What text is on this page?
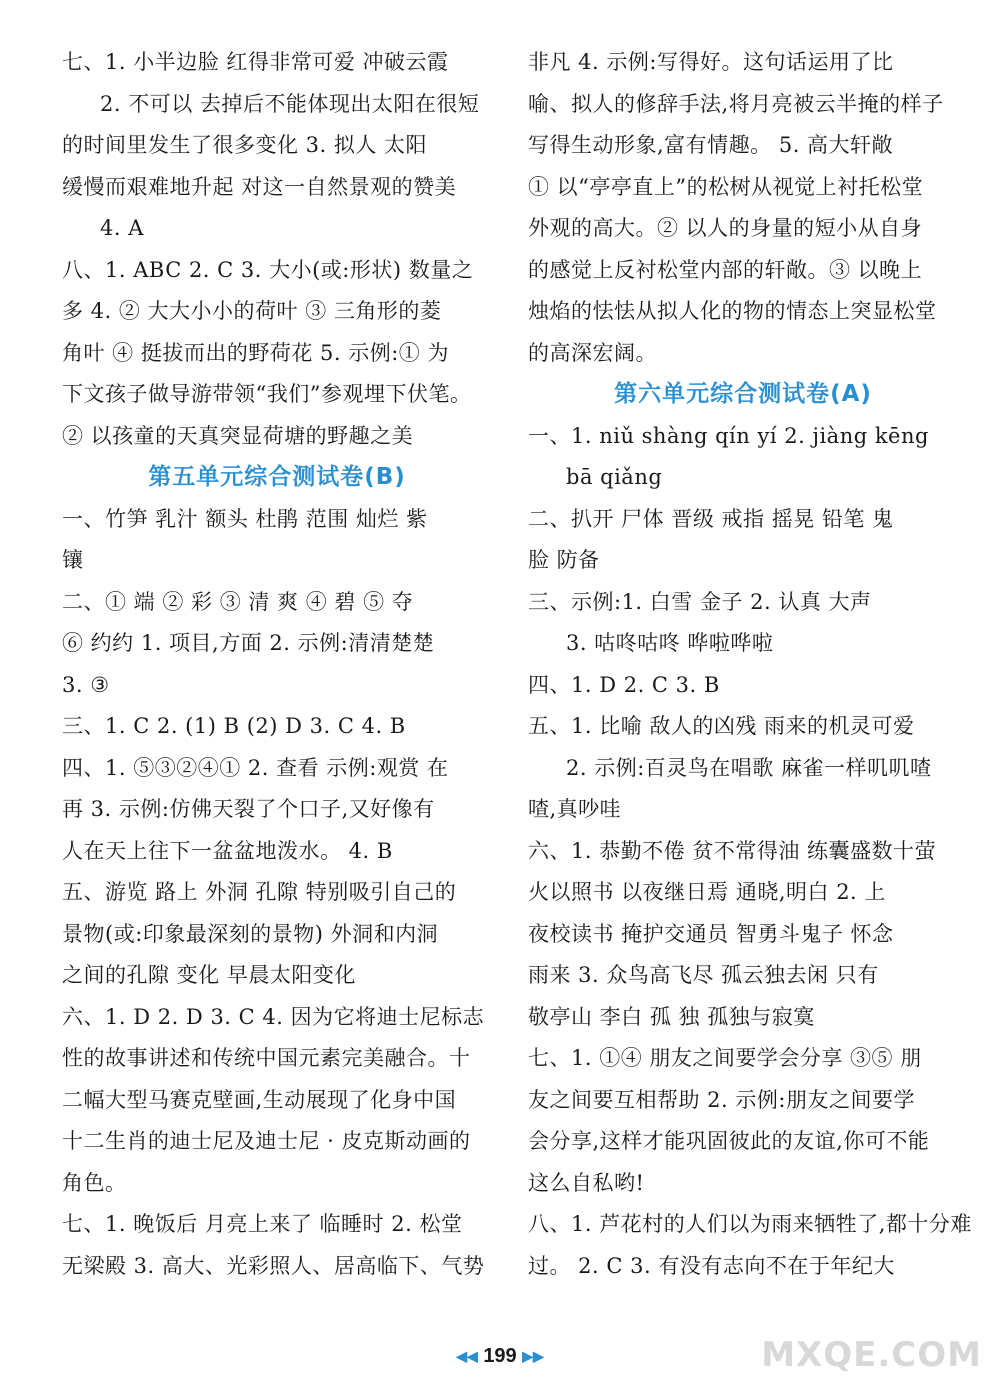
七、1. 小半边脸 红得非常可爱 冲破云霞
2. 不可以 去掉后不能体现出太阳在很短
的时间里发生了很多变化 3. 拟人 太阳
缓慢而艰难地升起 对这一自然景观的赞美
4. A
八、1. ABC 2. C 3. 大小(或:形状) 数量之
多 4. ② 大大小小的荷叶 ③ 三角形的菱
角叶 ④ 挺拔而出的野荷花 5. 示例:① 为
下文孩子做导游带领“我们”参观埋下伏笔。
② 以孩童的天真突显荷塘的野趣之美
第五单元综合测试卷(B)
一、竹笋 乳汁 额头 杜鹃 范围 灿烂 紫
镶
二、① 端 ② 彩 ③ 清 爽 ④ 碧 ⑤ 夺
⑥ 约约 1. 项目,方面 2. 示例:清清楚楚
3. ③
三、1. C 2. (1) B (2) D 3. C 4. B
四、1. ⑤③②④① 2. 查看 示例:观赏 在
再 3. 示例:仿佛天裂了个口子,又好像有
人在天上往下一盆盆地泼水。 4. B
五、游览 路上 外洞 孔隙 特别吸引自己的
景物(或:印象最深刻的景物) 外洞和内洞
之间的孔隙 变化 早晨太阳变化
六、1. D 2. D 3. C 4. 因为它将迪士尼标志
性的故事讲述和传统中国元素完美融合。十
二幅大型马赛克壁画,生动展现了化身中国
十二生肖的迪士尼及迪士尼 · 皮克斯动画的
角色。
七、1. 晚饭后 月亮上来了 临睡时 2. 松堂
无梁殿 3. 高大、光彩照人、居高临下、气势
非凡 4. 示例:写得好。这句话运用了比
喻、拟人的修辞手法,将月亮被云半掩的样子
写得生动形象,富有情趣。 5. 高大轩敞
① 以“亭亭直上”的松树从视觉上衬托松堂
外观的高大。② 以人的身量的短小从自身
的感觉上反衬松堂内部的轩敞。③ 以晚上
烛焰的怯怯从拟人化的物的情态上突显松堂
的高深宏阔。
第六单元综合测试卷(A)
一、1. niǔ shàng qín yí 2. jiàng kēng
bā qiǎng
二、扒开 尸体 晋级 戒指 摇晃 铅笔 鬼
脸 防备
三、示例:1. 白雪 金子 2. 认真 大声
3. 咕咚咕咚 哗啦哗啦
四、1. D 2. C 3. B
五、1. 比喻 敌人的凶残 雨来的机灵可爱
2. 示例:百灵鸟在唱歌 麻雀一样叽叽喳
喳,真吵哇
六、1. 恭勤不倦 贫不常得油 练囊盛数十萤
火以照书 以夜继日焉 通晓,明白 2. 上
夜校读书 掩护交通员 智勇斗鬼子 怀念
雨来 3. 众鸟高飞尽 孤云独去闲 只有
敬亭山 李白 孤 独 孤独与寂寞
七、1. ①④ 朋友之间要学会分享 ③⑤ 朋
友之间要互相帮助 2. 示例:朋友之间要学
会分享,这样才能巩固彼此的友谊,你可不能
这么自私哟!
八、1. 芦花村的人们以为雨来牺牲了,都十分难
过。 2. C 3. 有没有志向不在于年纪大
◀◀ 199 ▶▶	MXQE.COM
